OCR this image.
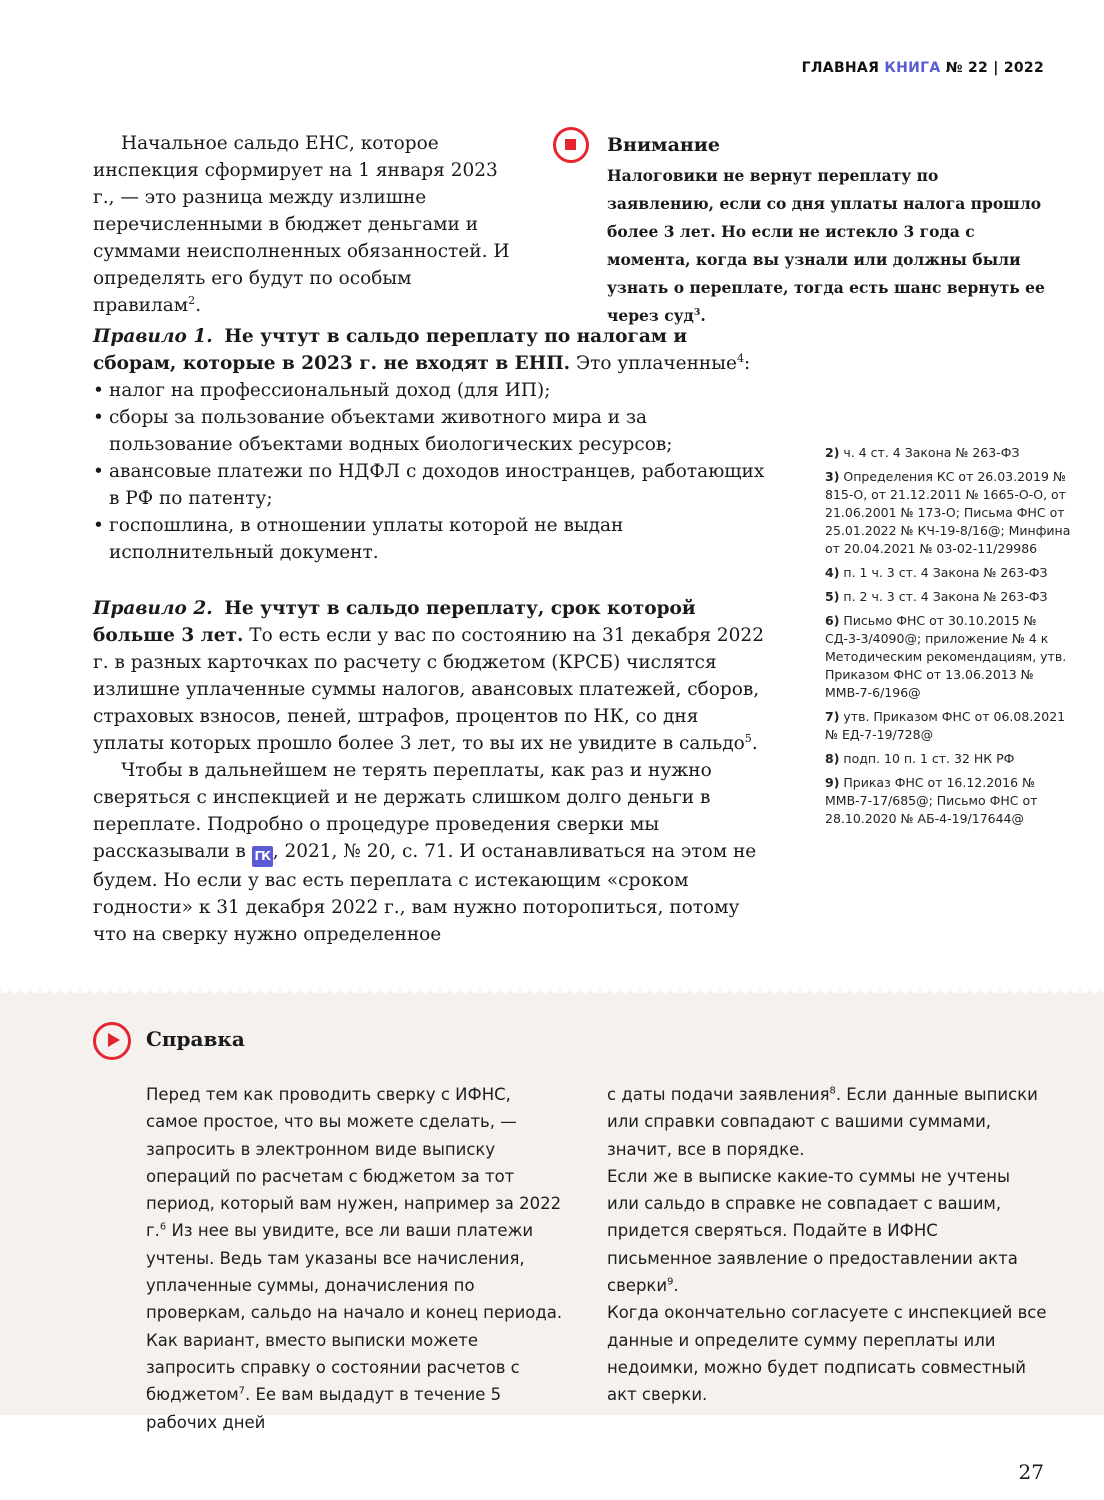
ГЛАВНАЯ КНИГА № 22 | 2022

Начальное сальдо ЕНС, которое инспекция сформирует на 1 января 2023 г., — это разница между излишне перечисленными в бюджет деньгами и суммами неисполненных обязанностей. И определять его будут по особым правилам$^2$.

Внимание

Налоговики не вернут переплату по заявлению, если со дня уплаты налога прошло более 3 лет. Но если не истекло 3 года с момента, когда вы узнали или должны были узнать о переплате, тогда есть шанс вернуть ее через суд$^3$.

Правило 1. Не учтут в сальдо переплату по налогам и сборам, которые в 2023 г. не входят в ЕНП. Это уплаченные$^4$:

• налог на профессиональный доход (для ИП);
• сборы за пользование объектами животного мира и за пользование объектами водных биологических ресурсов;
• авансовые платежи по НДФЛ с доходов иностранцев, работающих в РФ по патенту;
• госпошлина, в отношении уплаты которой не выдан исполнительный документ.

Правило 2. Не учтут в сальдо переплату, срок которой больше 3 лет. То есть если у вас по состоянию на 31 декабря 2022 г. в разных карточках по расчету с бюджетом (КРСБ) числятся излишне уплаченные суммы налогов, авансовых платежей, сборов, страховых взносов, пеней, штрафов, процентов по НК, со дня уплаты которых прошло более 3 лет, то вы их не увидите в сальдо$^5$.

Чтобы в дальнейшем не терять переплаты, как раз и нужно сверяться с инспекцией и не держать слишком долго деньги в переплате. Подробно о процедуре проведения сверки мы рассказывали в ГК , 2021, № 20, с. 71. И останавливаться на этом не будем. Но если у вас есть переплата с истекающим «сроком годности» к 31 декабря 2022 г., вам нужно поторопиться, потому что на сверку нужно определенное

2) ч. 4 ст. 4 Закона № 263-ФЗ
3) Определения КС от 26.03.2019 № 815-О, от 21.12.2011 № 1665-О-О, от 21.06.2001 № 173-О; Письма ФНС от 25.01.2022 № КЧ-19-8/16@; Минфина от 20.04.2021 № 03-02-11/29986
4) п. 1 ч. 3 ст. 4 Закона № 263-ФЗ
5) п. 2 ч. 3 ст. 4 Закона № 263-ФЗ
6) Письмо ФНС от 30.10.2015 № СД-3-3/4090@; приложение № 4 к Методическим рекомендациям, утв. Приказом ФНС от 13.06.2013 № ММВ-7-6/196@
7) утв. Приказом ФНС от 06.08.2021 № ЕД-7-19/728@
8) подп. 10 п. 1 ст. 32 НК РФ
9) Приказ ФНС от 16.12.2016 № ММВ-7-17/685@; Письмо ФНС от 28.10.2020 № АБ-4-19/17644@
Справка
Перед тем как проводить сверку с ИФНС, самое простое, что вы можете сделать, — запросить в электронном виде выписку операций по расчетам с бюджетом за тот период, который вам нужен, например за 2022 г.$^6$ Из нее вы увидите, все ли ваши платежи учтены. Ведь там указаны все начисления, уплаченные суммы, доначисления по проверкам, сальдо на начало и конец периода. Как вариант, вместо выписки можете запросить справку о состоянии расчетов с бюджетом$^7$. Ее вам выдадут в течение 5 рабочих дней
с даты подачи заявления$^8$. Если данные выписки или справки совпадают с вашими суммами, значит, все в порядке.
Если же в выписке какие-то суммы не учтены или сальдо в справке не совпадает с вашим, придется сверяться. Подайте в ИФНС письменное заявление о предоставлении акта сверки$^9$.
Когда окончательно согласуете с инспекцией все данные и определите сумму переплаты или недоимки, можно будет подписать совместный акт сверки.
27
